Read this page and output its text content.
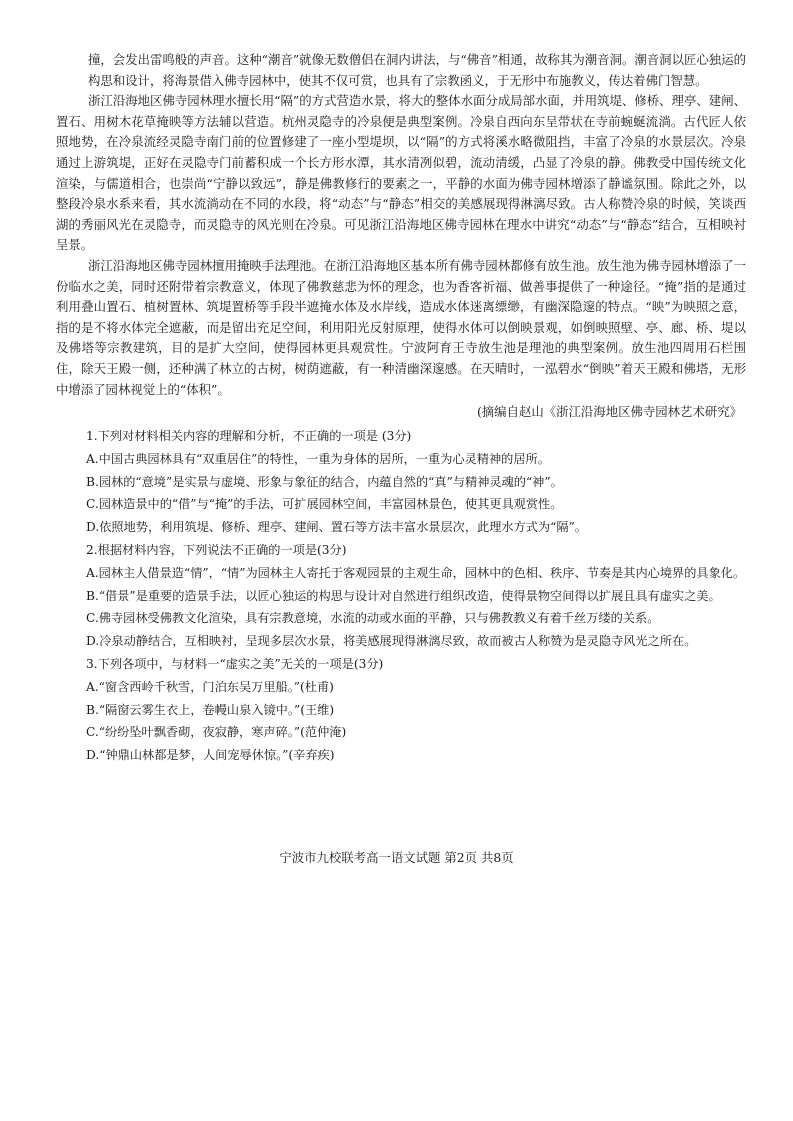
撞，会发出雷鸣般的声音。这种“潮音”就像无数僧侣在洞内讲法，与“佛音”相通，故称其为潮音洞。潮音洞以匠心独运的构思和设计，将海景借入佛寺园林中，使其不仅可赏，也具有了宗教函义，于无形中布施教义，传达着佛门智慧。

浙江沿海地区佛寺园林理水擅长用“隔”的方式营造水景，将大的整体水面分成局部水面，并用筑堤、修桥、理亭、建闸、置石、用树木花草掩映等方法辅以营造。杭州灵隐寺的冷泉便是典型案例。冷泉自西向东呈带状在寺前蜿蜒流淌。古代匠人依照地势，在冷泉流经灵隐寺南门前的位置修建了一座小型堤坝，以“隔”的方式将溪水略微阻挡，丰富了冷泉的水景层次。冷泉通过上游筑堤，正好在灵隐寺门前蓄积成一个长方形水潭，其水清冽似碧，流动清缓，凸显了冷泉的静。佛教受中国传统文化渲染，与儒道相合，也崇尚“宁静以致远”，静是佛教修行的要素之一，平静的水面为佛寺园林增添了静谧氛围。除此之外，以整段冷泉水系来看，其水流淌动在不同的水段，将“动态”与“静态”相交的美感展现得淋漓尽致。古人称赞冷泉的时候，笑谈西湖的秀丽风光在灵隐寺，而灵隐寺的风光则在冷泉。可见浙江沿海地区佛寺园林在理水中讲究“动态”与“静态”结合，互相映衬呈景。

浙江沿海地区佛寺园林擅用掩映手法理池。在浙江沿海地区基本所有佛寺园林都修有放生池。放生池为佛寺园林增添了一份临水之美，同时还附带着宗教意义，体现了佛教慈悲为怀的理念，也为香客祈福、做善事提供了一种途径。“掩”指的是通过利用叠山置石、植树置林、筑堤置桥等手段半遮掩水体及水岸线，造成水体迷离缥缈，有幽深隐邃的特点。“映”为映照之意，指的是不将水体完全遮蔽，而是留出充足空间，利用阳光反射原理，使得水体可以倒映景观，如倒映照壁、亭、廊、桥、堤以及佛塔等宗教建筑，目的是扩大空间，使得园林更具观赏性。宁波阿育王寺放生池是理池的典型案例。放生池四周用石栏围住，除天王殿一侧，还种满了林立的古树，树荫遮蔽，有一种清幽深邃感。在天晴时，一泓碧水“倒映”着天王殿和佛塔，无形中增添了园林视觉上的“体积”。

(摘编自赵山《浙江沿海地区佛寺园林艺术研究》

1.下列对材料相关内容的理解和分析，不正确的一项是 (3分)

A.中国古典园林具有“双重居住”的特性，一重为身体的居所，一重为心灵精神的居所。

B.园林的“意境”是实景与虚境、形象与象征的结合，内蕴自然的“真”与精神灵魂的“神”。

C.园林造景中的“借”与“掩”的手法，可扩展园林空间，丰富园林景色，使其更具观赏性。

D.依照地势，利用筑堤、修桥、理亭、建闸、置石等方法丰富水景层次，此理水方式为“隔”。

2.根据材料内容，下列说法不正确的一项是(3分)

A.园林主人借景造“情”，“情”为园林主人寄托于客观园景的主观生命，园林中的色相、秩序、节奏是其内心境界的具象化。

B.“借景”是重要的造景手法，以匠心独运的构思与设计对自然进行组织改造，使得景物空间得以扩展且具有虚实之美。

C.佛寺园林受佛教文化渲染，具有宗教意境，水流的动或水面的平静，只与佛教教义有着千丝万缕的关系。

D.冷泉动静结合，互相映衬，呈现多层次水景，将美感展现得淋漓尽致，故而被古人称赞为是灵隐寺风光之所在。

3.下列各项中，与材料一“虚实之美”无关的一项是(3分)

A.“窗含西岭千秋雪，门泊东吴万里船。”(杜甫)

B.“隔窗云雾生衣上，卷幔山泉入镜中。”(王维)

C.“纷纷坠叶飘香砌，夜寂静，寒声碎。”(范仲淹)

D.“钟鼎山林都是梦，人间宠辱休惊。”(辛弃疾)

宁波市九校联考高一语文试题 第2页 共8页
